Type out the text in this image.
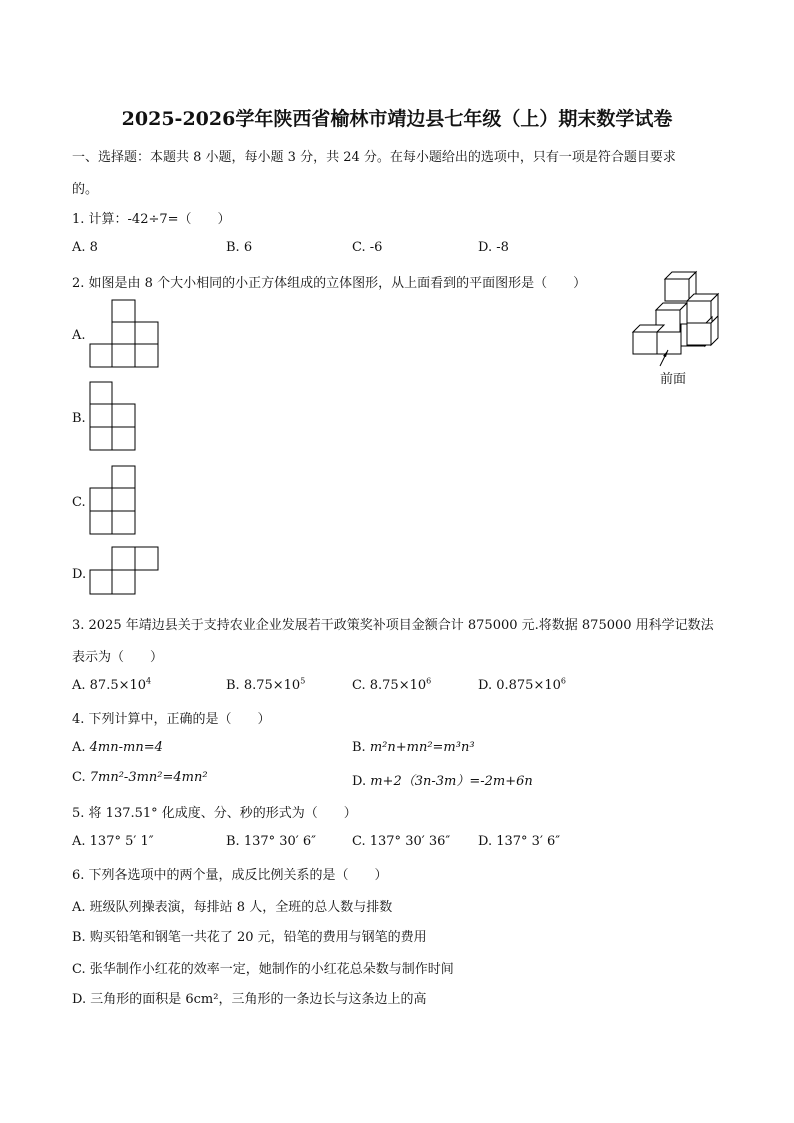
2025-2026学年陕西省榆林市靖边县七年级（上）期末数学试卷
一、选择题：本题共 8 小题，每小题 3 分，共 24 分。在每小题给出的选项中，只有一项是符合题目要求
的。
1. 计算：-42÷7=（　　）
A. 8	B. 6	C. -6	D. -8
2. 如图是由 8 个大小相同的小正方体组成的立体图形，从上面看到的平面图形是（　　）
前面
A.
B.
C.
D.
3. 2025 年靖边县关于支持农业企业发展若干政策奖补项目金额合计 875000 元.将数据 875000 用科学记数法
表示为（　　）
A. $87.5\times 10^4$	B. $8.75\times 10^5$	C. $8.75\times 10^6$	D. $0.875\times 10^6$
4. 下列计算中，正确的是（　　）
A. 4mn-mn=4	B. m²n+mn²=m³n³
C. 7mn²-3mn²=4mn²	D. m+2（3n-3m）=-2m+6n
5. 将 137.51° 化成度、分、秒的形式为（　　）
A. 137° 5′ 1″	B. 137° 30′ 6″	C. 137° 30′ 36″ D. 137° 3′ 6″
6. 下列各选项中的两个量，成反比例关系的是（　　）
A. 班级队列操表演，每排站 8 人，全班的总人数与排数
B. 购买铅笔和钢笔一共花了 20 元，铅笔的费用与钢笔的费用
C. 张华制作小红花的效率一定，她制作的小红花总朵数与制作时间
D. 三角形的面积是 6cm²，三角形的一条边长与这条边上的高
